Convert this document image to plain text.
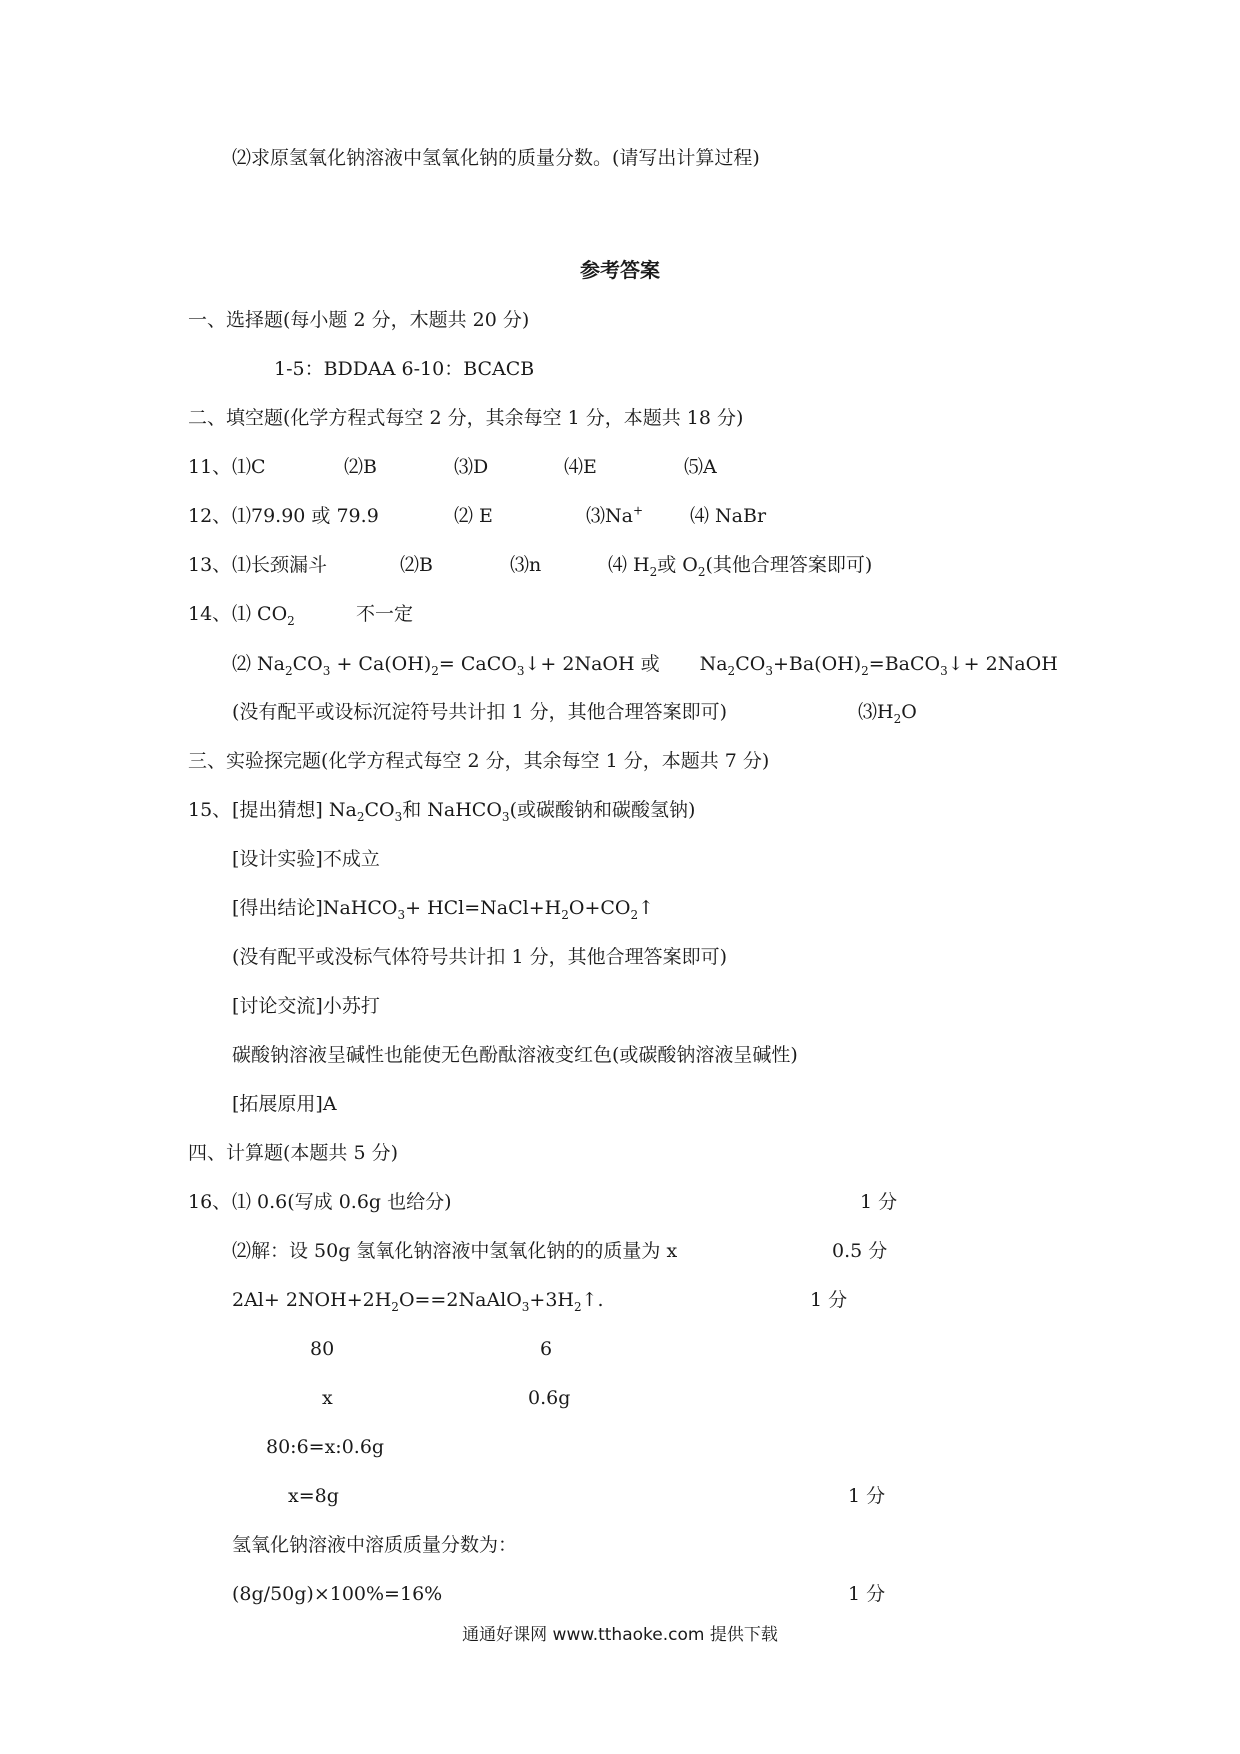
⑵求原氢氧化钠溶液中氢氧化钠的质量分数。(请写出计算过程)
参考答案
一、选择题(每小题 2 分，木题共 20 分)
1-5：BDDAA 6-10：BCACB
二、填空题(化学方程式每空 2 分，其余每空 1 分，本题共 18 分)
11、 ⑴C	⑵B	⑶D	⑷E	⑸A
12、 ⑴79.90 或 79.9	⑵ E	⑶Na+ ⑷ NaBr
13、 ⑴长颈漏斗	⑵B	⑶n	⑷ $H_2$或 $O_2$(其他合理答案即可)
14、 ⑴ $CO_2$	不一定
⑵ $Na_2CO_3 + Ca(OH)_2=$ CaCO$_3$↓+ 2NaOH 或 $Na_2CO_3+Ba(OH)_2=BaCO_3↓+$ 2NaOH
(没有配平或设标沉淀符号共计扣 1 分，其他合理答案即可)	$⑶H_2O$
三、实验探完题(化学方程式每空 2 分，其余每空 1 分，本题共 7 分)
15、 [提出猜想] $Na_2CO_3$和 NaHCO$_3$(或碳酸钠和碳酸氢钠)
[设计实验]不成立
[得出结论]NaHCO$_3$+ $HCl=NaCl+H_2O+CO_2↑$
(没有配平或没标气体符号共计扣 1 分，其他合理答案即可)
[讨论交流]小苏打
碳酸钠溶液呈碱性也能使无色酚酞溶液变红色(或碳酸钠溶液呈碱性)
[拓展原用]A
四、计算题(本题共 5 分)
16、 ⑴ 0.6(写成 0.6g 也给分)	1 分
⑵解：设 50g 氢氧化钠溶液中氢氧化钠的的质量为 x	0.5 分
$2Al+ 2NOH+2H_2O==2NaAlO_3+3H_2↑$.	1 分
80	6
x	0.6g
80:6=x:0.6g
x=8g	1 分
氢氧化钠溶液中溶质质量分数为：
(8g/50g)×100%=16%	1 分
通通好课网 www.tthaoke.com 提供下载
